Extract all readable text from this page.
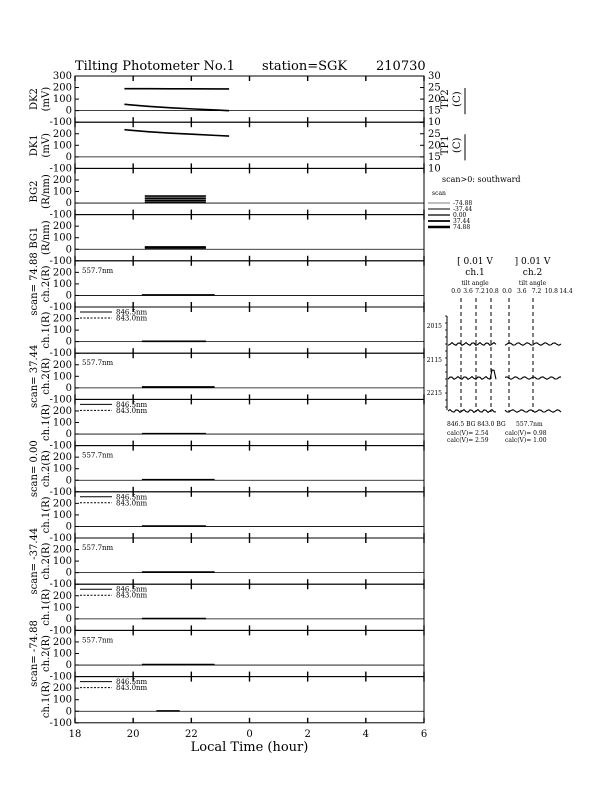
Tilting Photometer No.1 station=SGK 210730
300
200
100
0
-100
DK2 (mV)
30
25
20
15
10
TP2 (C)
200
100
0
-100
DK1 (mV)	25
20
15
10
TP1 (C)
200
100
0
-100
BG2 (R/nm)
200
100
0
-100
BG1 (R/nm)
200
100
0
-100
scan= 74.88 ch.2(R)	557.7nm
200
100
0
-100
ch.1(R)	846.5nm
843.0nm
200
100
0
-100
scan= 37.44 ch.2(R)	557.7nm
200
100
0
-100
ch.1(R)	846.5nm
843.0nm
200
100
0
-100
scan= 0.00 ch.2(R)	557.7nm
200
100
0
-100
ch.1(R)	846.5nm
843.0nm
200
100
0
-100
scan= -37.44 ch.2(R)	557.7nm
200
100
0
-100
ch.1(R)	846.5nm
843.0nm
200
100
0
-100
scan= -74.88 ch.2(R)	557.7nm
200
100
0
-100
ch.1(R)	846.5nm
843.0nm
18	20	22	0	2	4	6
Local Time (hour)
scan>0: southward
scan
-74.88
-37.44
0.00
37.44
74.88
[ 0.01 V
ch.1
tilt angle
] 0.01 V
ch.2
tilt angle
0.0 3.6 7.2 10.8 0.0 3.6 7.2 10.8 14.4
2015
2115
2215
846.5 BG 843.0 BG 557.7nm
calc(V)= 2.54
calc(V)= 2.59
calc(V)= 0.98
calc(V)= 1.00
